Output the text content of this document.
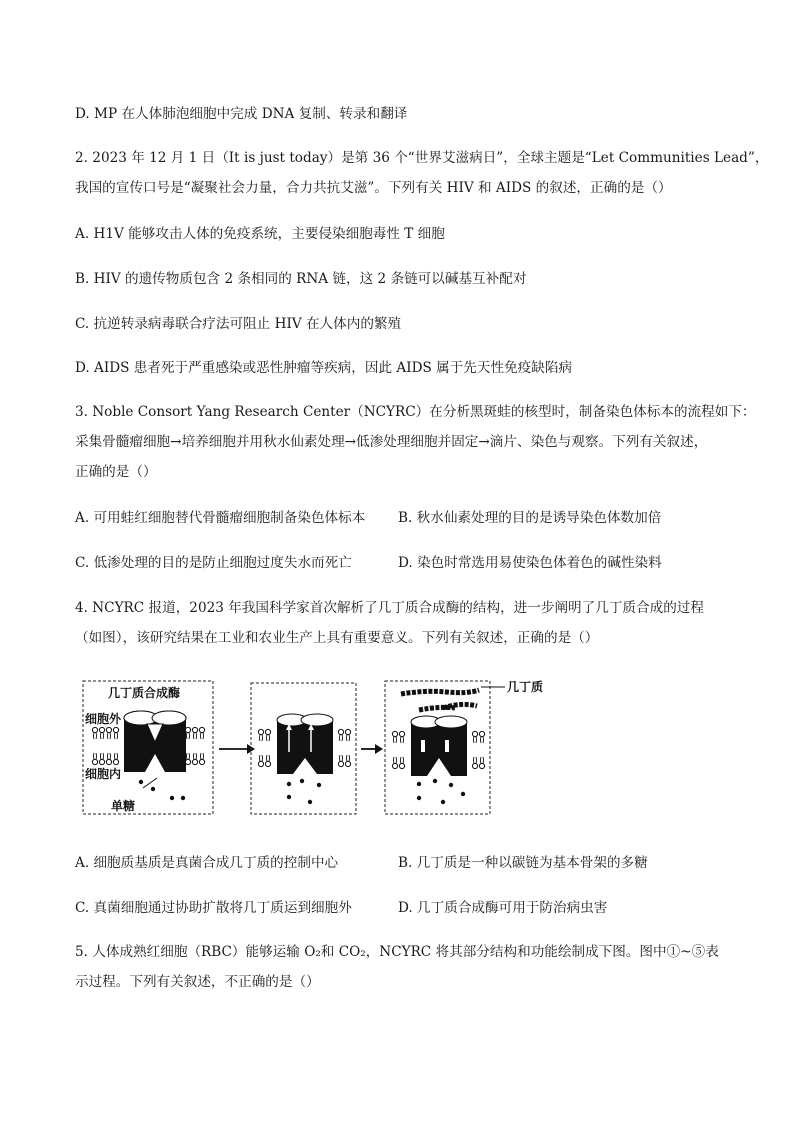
D. MP 在人体肺泡细胞中完成 DNA 复制、转录和翻译
2. 2023 年 12 月 1 日（It is just today）是第 36 个“世界艾滋病日”，全球主题是“Let Communities Lead”，
我国的宣传口号是“凝聚社会力量，合力共抗艾滋”。下列有关 HIV 和 AIDS 的叙述，正确的是（）
A. H1V 能够攻击人体的免疫系统，主要侵染细胞毒性 T 细胞
B. HIV 的遗传物质包含 2 条相同的 RNA 链，这 2 条链可以碱基互补配对
C. 抗逆转录病毒联合疗法可阻止 HIV 在人体内的繁殖
D. AIDS 患者死于严重感染或恶性肿瘤等疾病，因此 AIDS 属于先天性免疫缺陷病
3. Noble Consort Yang Research Center（NCYRC）在分析黑斑蛙的核型时，制备染色体标本的流程如下：
采集骨髓瘤细胞→培养细胞并用秋水仙素处理→低渗处理细胞并固定→滴片、染色与观察。下列有关叙述，
正确的是（）
A. 可用蛙红细胞替代骨髓瘤细胞制备染色体标本 B. 秋水仙素处理的目的是诱导染色体数加倍
C. 低渗处理的目的是防止细胞过度失水而死亡	D. 染色时常选用易使染色体着色的碱性染料
4. NCYRC 报道，2023 年我国科学家首次解析了几丁质合成酶的结构，进一步阐明了几丁质合成的过程
（如图），该研究结果在工业和农业生产上具有重要意义。下列有关叙述，正确的是（）
几丁质合成酶
细胞外
细胞内
单糖
几丁质
A. 细胞质基质是真菌合成几丁质的控制中心	B. 几丁质是一种以碳链为基本骨架的多糖
C. 真菌细胞通过协助扩散将几丁质运到细胞外	D. 几丁质合成酶可用于防治病虫害
5. 人体成熟红细胞（RBC）能够运输 O₂和 CO₂，NCYRC 将其部分结构和功能绘制成下图。图中①~⑤表
示过程。下列有关叙述，不正确的是（）
